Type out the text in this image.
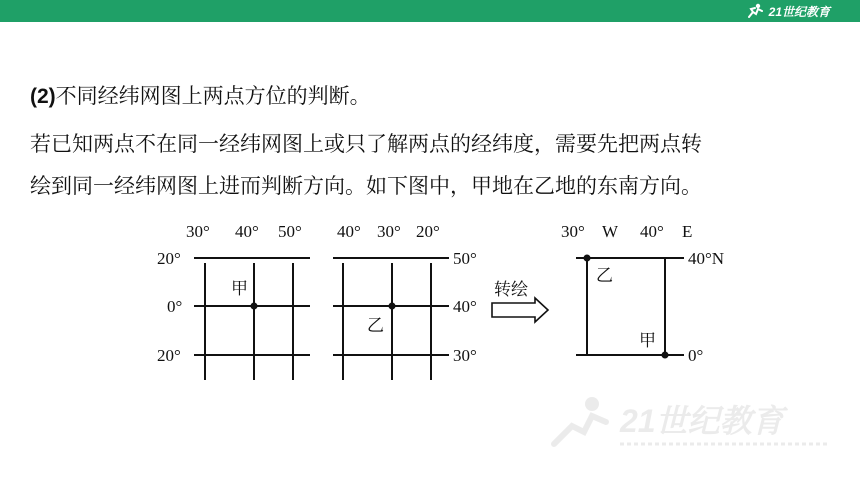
21世纪教育
(2)不同经纬网图上两点方位的判断。
若已知两点不在同一经纬网图上或只了解两点的经纬度，需要先把两点转
绘到同一经纬网图上进而判断方向。如下图中，甲地在乙地的东南方向。
30° 40° 50°
20°
0°
20°
甲
40° 30° 20°
50°
40°
30°
乙
转绘
30° W 40° E
40°N
0°
乙
甲
21世纪教育
